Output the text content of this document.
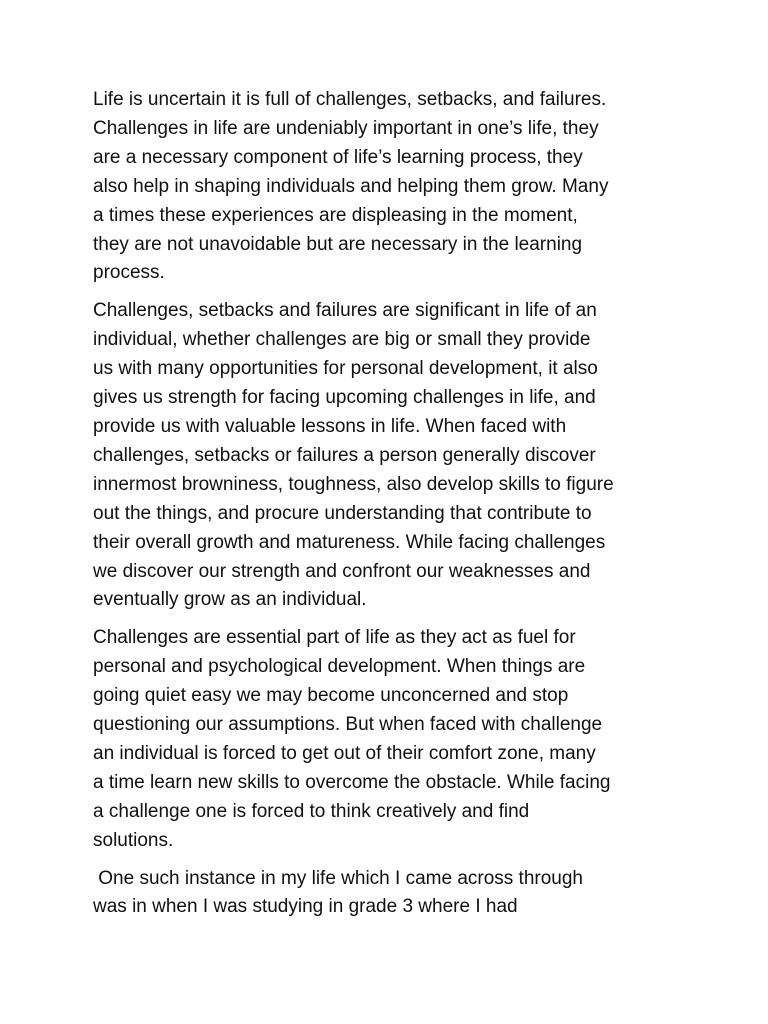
Life is uncertain it is full of challenges, setbacks, and failures.
Challenges in life are undeniably important in one’s life, they
are a necessary component of life’s learning process, they
also help in shaping individuals and helping them grow. Many
a times these experiences are displeasing in the moment,
they are not unavoidable but are necessary in the learning
process.

Challenges, setbacks and failures are significant in life of an
individual, whether challenges are big or small they provide
us with many opportunities for personal development, it also
gives us strength for facing upcoming challenges in life, and
provide us with valuable lessons in life. When faced with
challenges, setbacks or failures a person generally discover
innermost browniness, toughness, also develop skills to figure
out the things, and procure understanding that contribute to
their overall growth and matureness. While facing challenges
we discover our strength and confront our weaknesses and
eventually grow as an individual.

Challenges are essential part of life as they act as fuel for
personal and psychological development. When things are
going quiet easy we may become unconcerned and stop
questioning our assumptions. But when faced with challenge
an individual is forced to get out of their comfort zone, many
a time learn new skills to overcome the obstacle. While facing
a challenge one is forced to think creatively and find
solutions.

One such instance in my life which I came across through
was in when I was studying in grade 3 where I had
